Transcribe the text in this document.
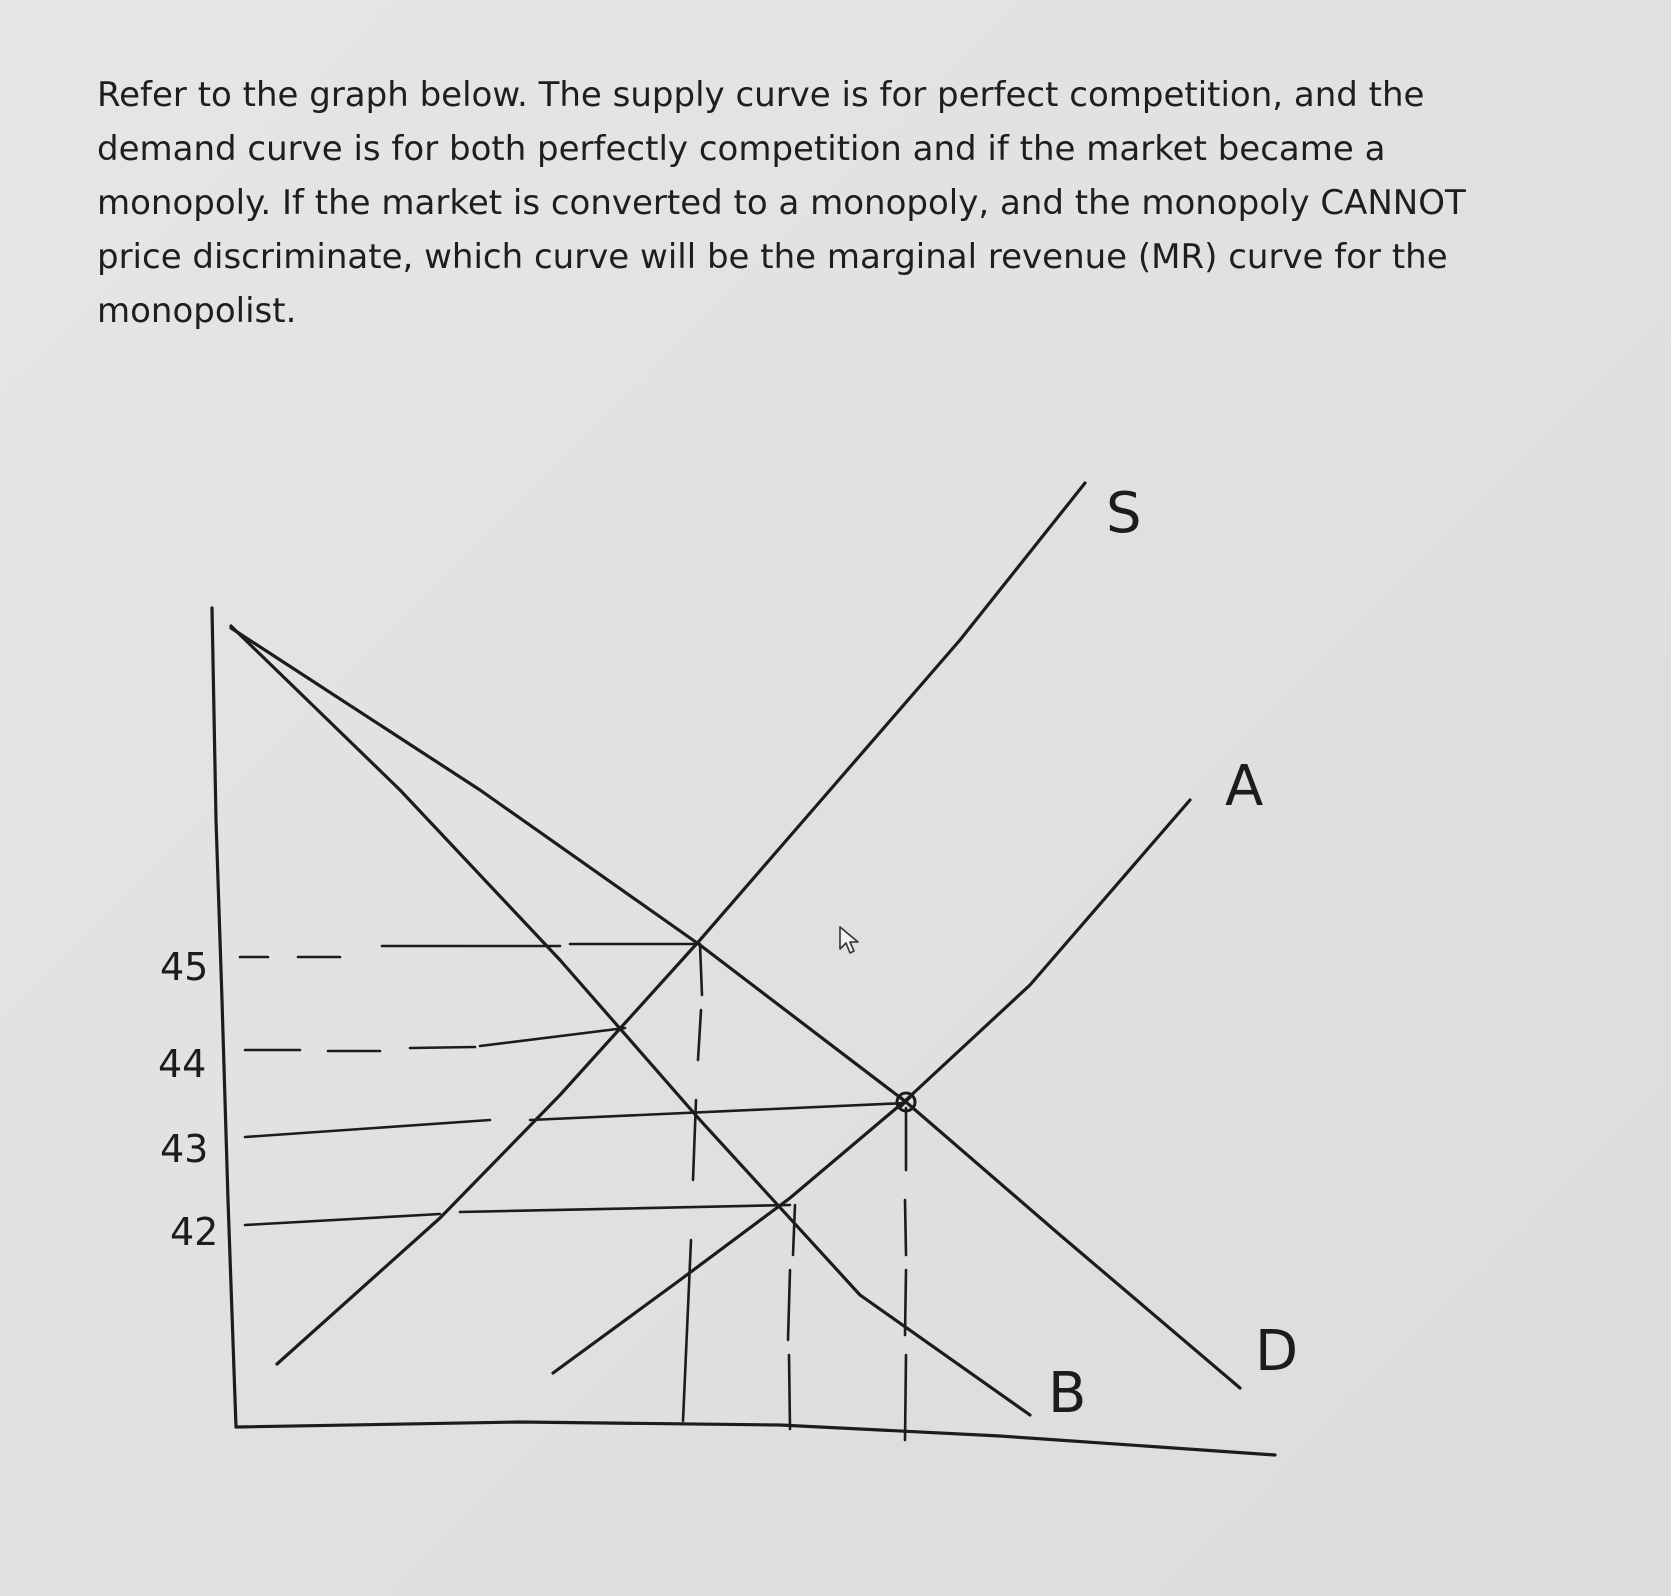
Refer to the graph below. The supply curve is for perfect competition, and the
demand curve is for both perfectly competition and if the market became a
monopoly. If the market is converted to a monopoly, and the monopoly CANNOT
price discriminate, which curve will be the marginal revenue (MR) curve for the
monopolist.
45
44
43
42
S
A
B
D
